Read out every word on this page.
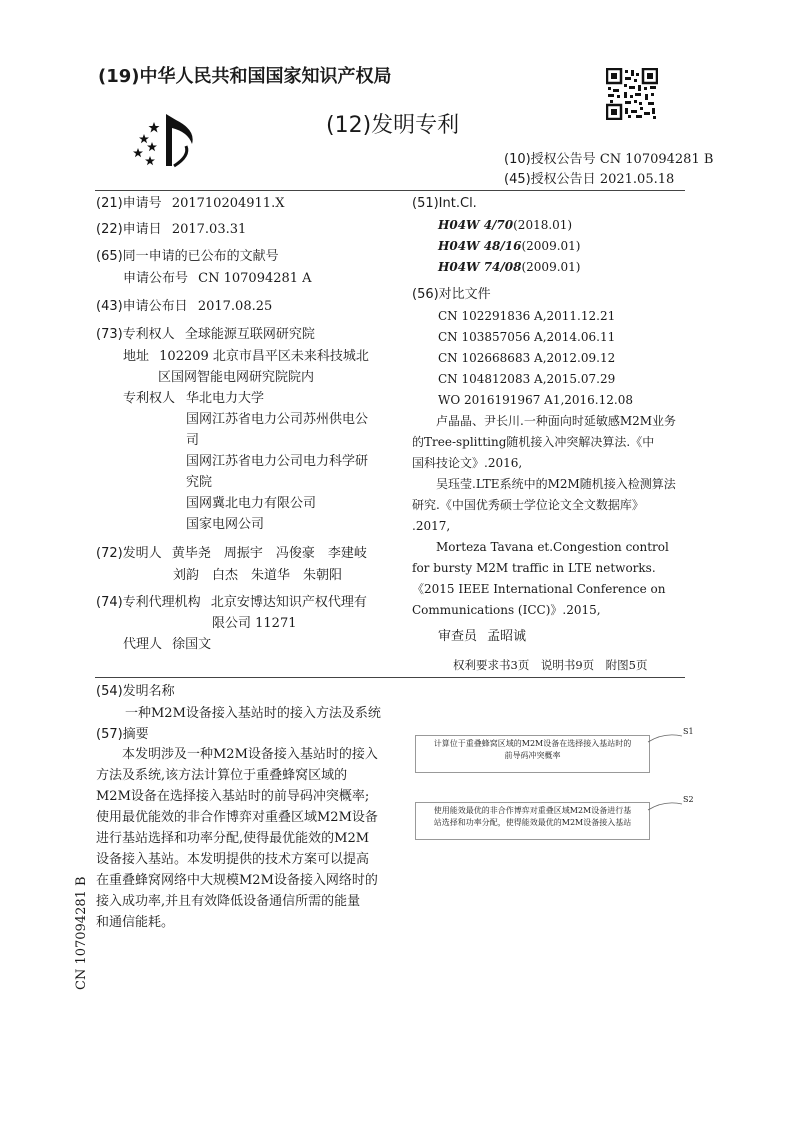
(19)中华人民共和国国家知识产权局
(12)发明专利
(10)授权公告号 CN 107094281 B
(45)授权公告日 2021.05.18
(21)申请号 201710204911.X
(22)申请日 2017.03.31
(65)同一申请的已公布的文献号
申请公布号 CN 107094281 A
(43)申请公布日 2017.08.25
(73)专利权人 全球能源互联网研究院
地址 102209 北京市昌平区未来科技城北
区国网智能电网研究院院内
专利权人 华北电力大学
国网江苏省电力公司苏州供电公
司
国网江苏省电力公司电力科学研
究院
国网冀北电力有限公司
国家电网公司
(72)发明人 黄毕尧　周振宇　冯俊豪　李建岐
刘韵　白杰　朱道华　朱朝阳
(74)专利代理机构 北京安博达知识产权代理有
限公司 11271
代理人 徐国文
(51)Int.Cl.
H04W 4/70(2018.01)
H04W 48/16(2009.01)
H04W 74/08(2009.01)
(56)对比文件
CN 102291836 A,2011.12.21
CN 103857056 A,2014.06.11
CN 102668683 A,2012.09.12
CN 104812083 A,2015.07.29
WO 2016191967 A1,2016.12.08
　　卢晶晶、尹长川.一种面向时延敏感M2M业务
的Tree-splitting随机接入冲突解决算法.《中
国科技论文》.2016,
　　吴珏莹.LTE系统中的M2M随机接入检测算法
研究.《中国优秀硕士学位论文全文数据库》
.2017,
　　Morteza Tavana et.Congestion control
for bursty M2M traffic in LTE networks.
《2015 IEEE International Conference on
Communications (ICC)》.2015,
审查员 孟昭诚
权利要求书3页　说明书9页　附图5页
(54)发明名称
一种M2M设备接入基站时的接入方法及系统
(57)摘要
　　本发明涉及一种M2M设备接入基站时的接入
方法及系统,该方法计算位于重叠蜂窝区域的
M2M设备在选择接入基站时的前导码冲突概率;
使用最优能效的非合作博弈对重叠区域M2M设备
进行基站选择和功率分配,使得最优能效的M2M
设备接入基站。本发明提供的技术方案可以提高
在重叠蜂窝网络中大规模M2M设备接入网络时的
接入成功率,并且有效降低设备通信所需的能量
和通信能耗。
计算位于重叠蜂窝区域的M2M设备在选择接入基站时的
前导码冲突概率
S1
使用能效最优的非合作博弈对重叠区域M2M设备进行基
站选择和功率分配，使得能效最优的M2M设备接入基站
S2
CN 107094281 B
